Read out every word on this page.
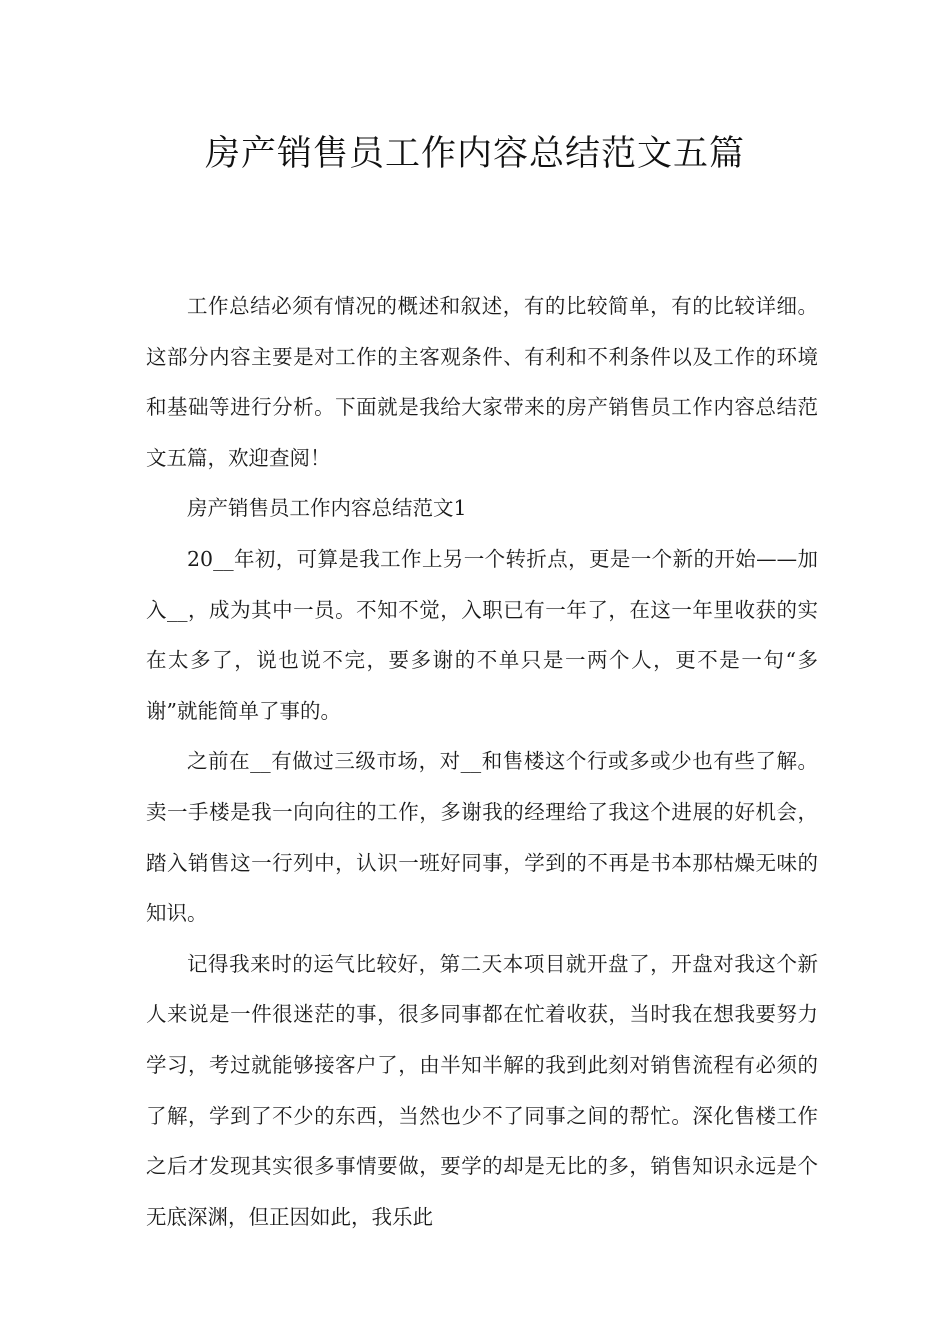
房产销售员工作内容总结范文五篇

工作总结必须有情况的概述和叙述，有的比较简单，有的比较详细。这部分内容主要是对工作的主客观条件、有利和不利条件以及工作的环境和基础等进行分析。下面就是我给大家带来的房产销售员工作内容总结范文五篇，欢迎查阅！

房产销售员工作内容总结范文1

20__年初，可算是我工作上另一个转折点，更是一个新的开始——加入__，成为其中一员。不知不觉，入职已有一年了，在这一年里收获的实在太多了，说也说不完，要多谢的不单只是一两个人，更不是一句“多谢”就能简单了事的。

之前在__有做过三级市场，对__和售楼这个行或多或少也有些了解。卖一手楼是我一向向往的工作，多谢我的经理给了我这个进展的好机会，踏入销售这一行列中，认识一班好同事，学到的不再是书本那枯燥无味的知识。

记得我来时的运气比较好，第二天本项目就开盘了，开盘对我这个新人来说是一件很迷茫的事，很多同事都在忙着收获，当时我在想我要努力学习，考过就能够接客户了，由半知半解的我到此刻对销售流程有必须的了解，学到了不少的东西，当然也少不了同事之间的帮忙。深化售楼工作之后才发现其实很多事情要做，要学的却是无比的多，销售知识永远是个无底深渊，但正因如此，我乐此
